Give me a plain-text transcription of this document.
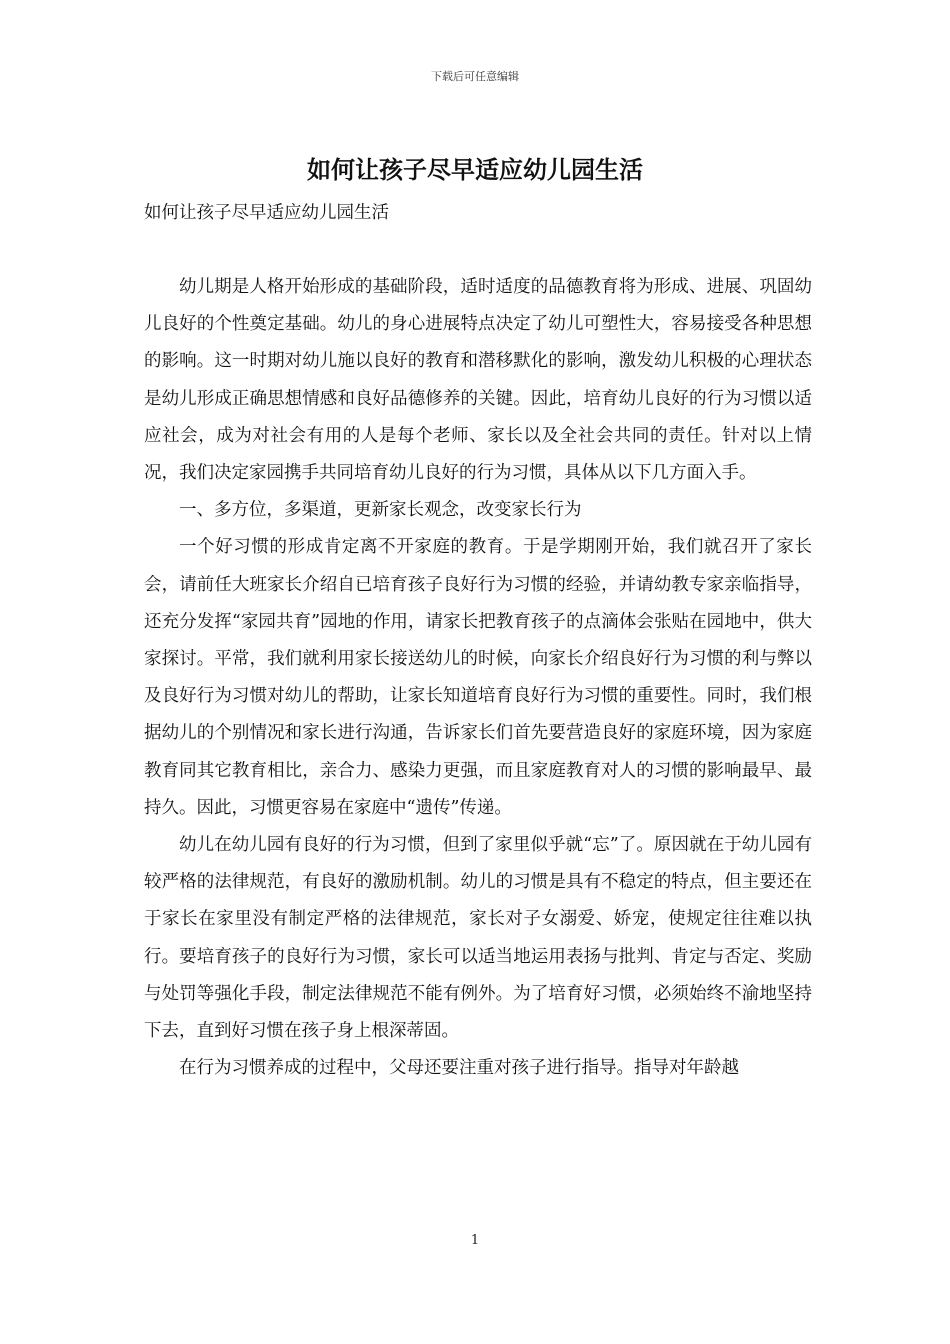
下载后可任意编辑
如何让孩子尽早适应幼儿园生活
如何让孩子尽早适应幼儿园生活

幼儿期是人格开始形成的基础阶段，适时适度的品德教育将为形成、进展、巩固幼儿良好的个性奠定基础。幼儿的身心进展特点决定了幼儿可塑性大，容易接受各种思想的影响。这一时期对幼儿施以良好的教育和潜移默化的影响，激发幼儿积极的心理状态是幼儿形成正确思想情感和良好品德修养的关键。因此，培育幼儿良好的行为习惯以适应社会，成为对社会有用的人是每个老师、家长以及全社会共同的责任。针对以上情况，我们决定家园携手共同培育幼儿良好的行为习惯，具体从以下几方面入手。

一、多方位，多渠道，更新家长观念，改变家长行为

一个好习惯的形成肯定离不开家庭的教育。于是学期刚开始，我们就召开了家长会，请前任大班家长介绍自已培育孩子良好行为习惯的经验，并请幼教专家亲临指导，还充分发挥“家园共育”园地的作用，请家长把教育孩子的点滴体会张贴在园地中，供大家探讨。平常，我们就利用家长接送幼儿的时候，向家长介绍良好行为习惯的利与弊以及良好行为习惯对幼儿的帮助，让家长知道培育良好行为习惯的重要性。同时，我们根据幼儿的个别情况和家长进行沟通，告诉家长们首先要营造良好的家庭环境，因为家庭教育同其它教育相比，亲合力、感染力更强，而且家庭教育对人的习惯的影响最早、最持久。因此，习惯更容易在家庭中“遗传”传递。

幼儿在幼儿园有良好的行为习惯，但到了家里似乎就“忘”了。原因就在于幼儿园有较严格的法律规范，有良好的激励机制。幼儿的习惯是具有不稳定的特点，但主要还在于家长在家里没有制定严格的法律规范，家长对子女溺爱、娇宠，使规定往往难以执行。要培育孩子的良好行为习惯，家长可以适当地运用表扬与批判、肯定与否定、奖励与处罚等强化手段，制定法律规范不能有例外。为了培育好习惯，必须始终不渝地坚持下去，直到好习惯在孩子身上根深蒂固。

在行为习惯养成的过程中，父母还要注重对孩子进行指导。指导对年龄越

1
